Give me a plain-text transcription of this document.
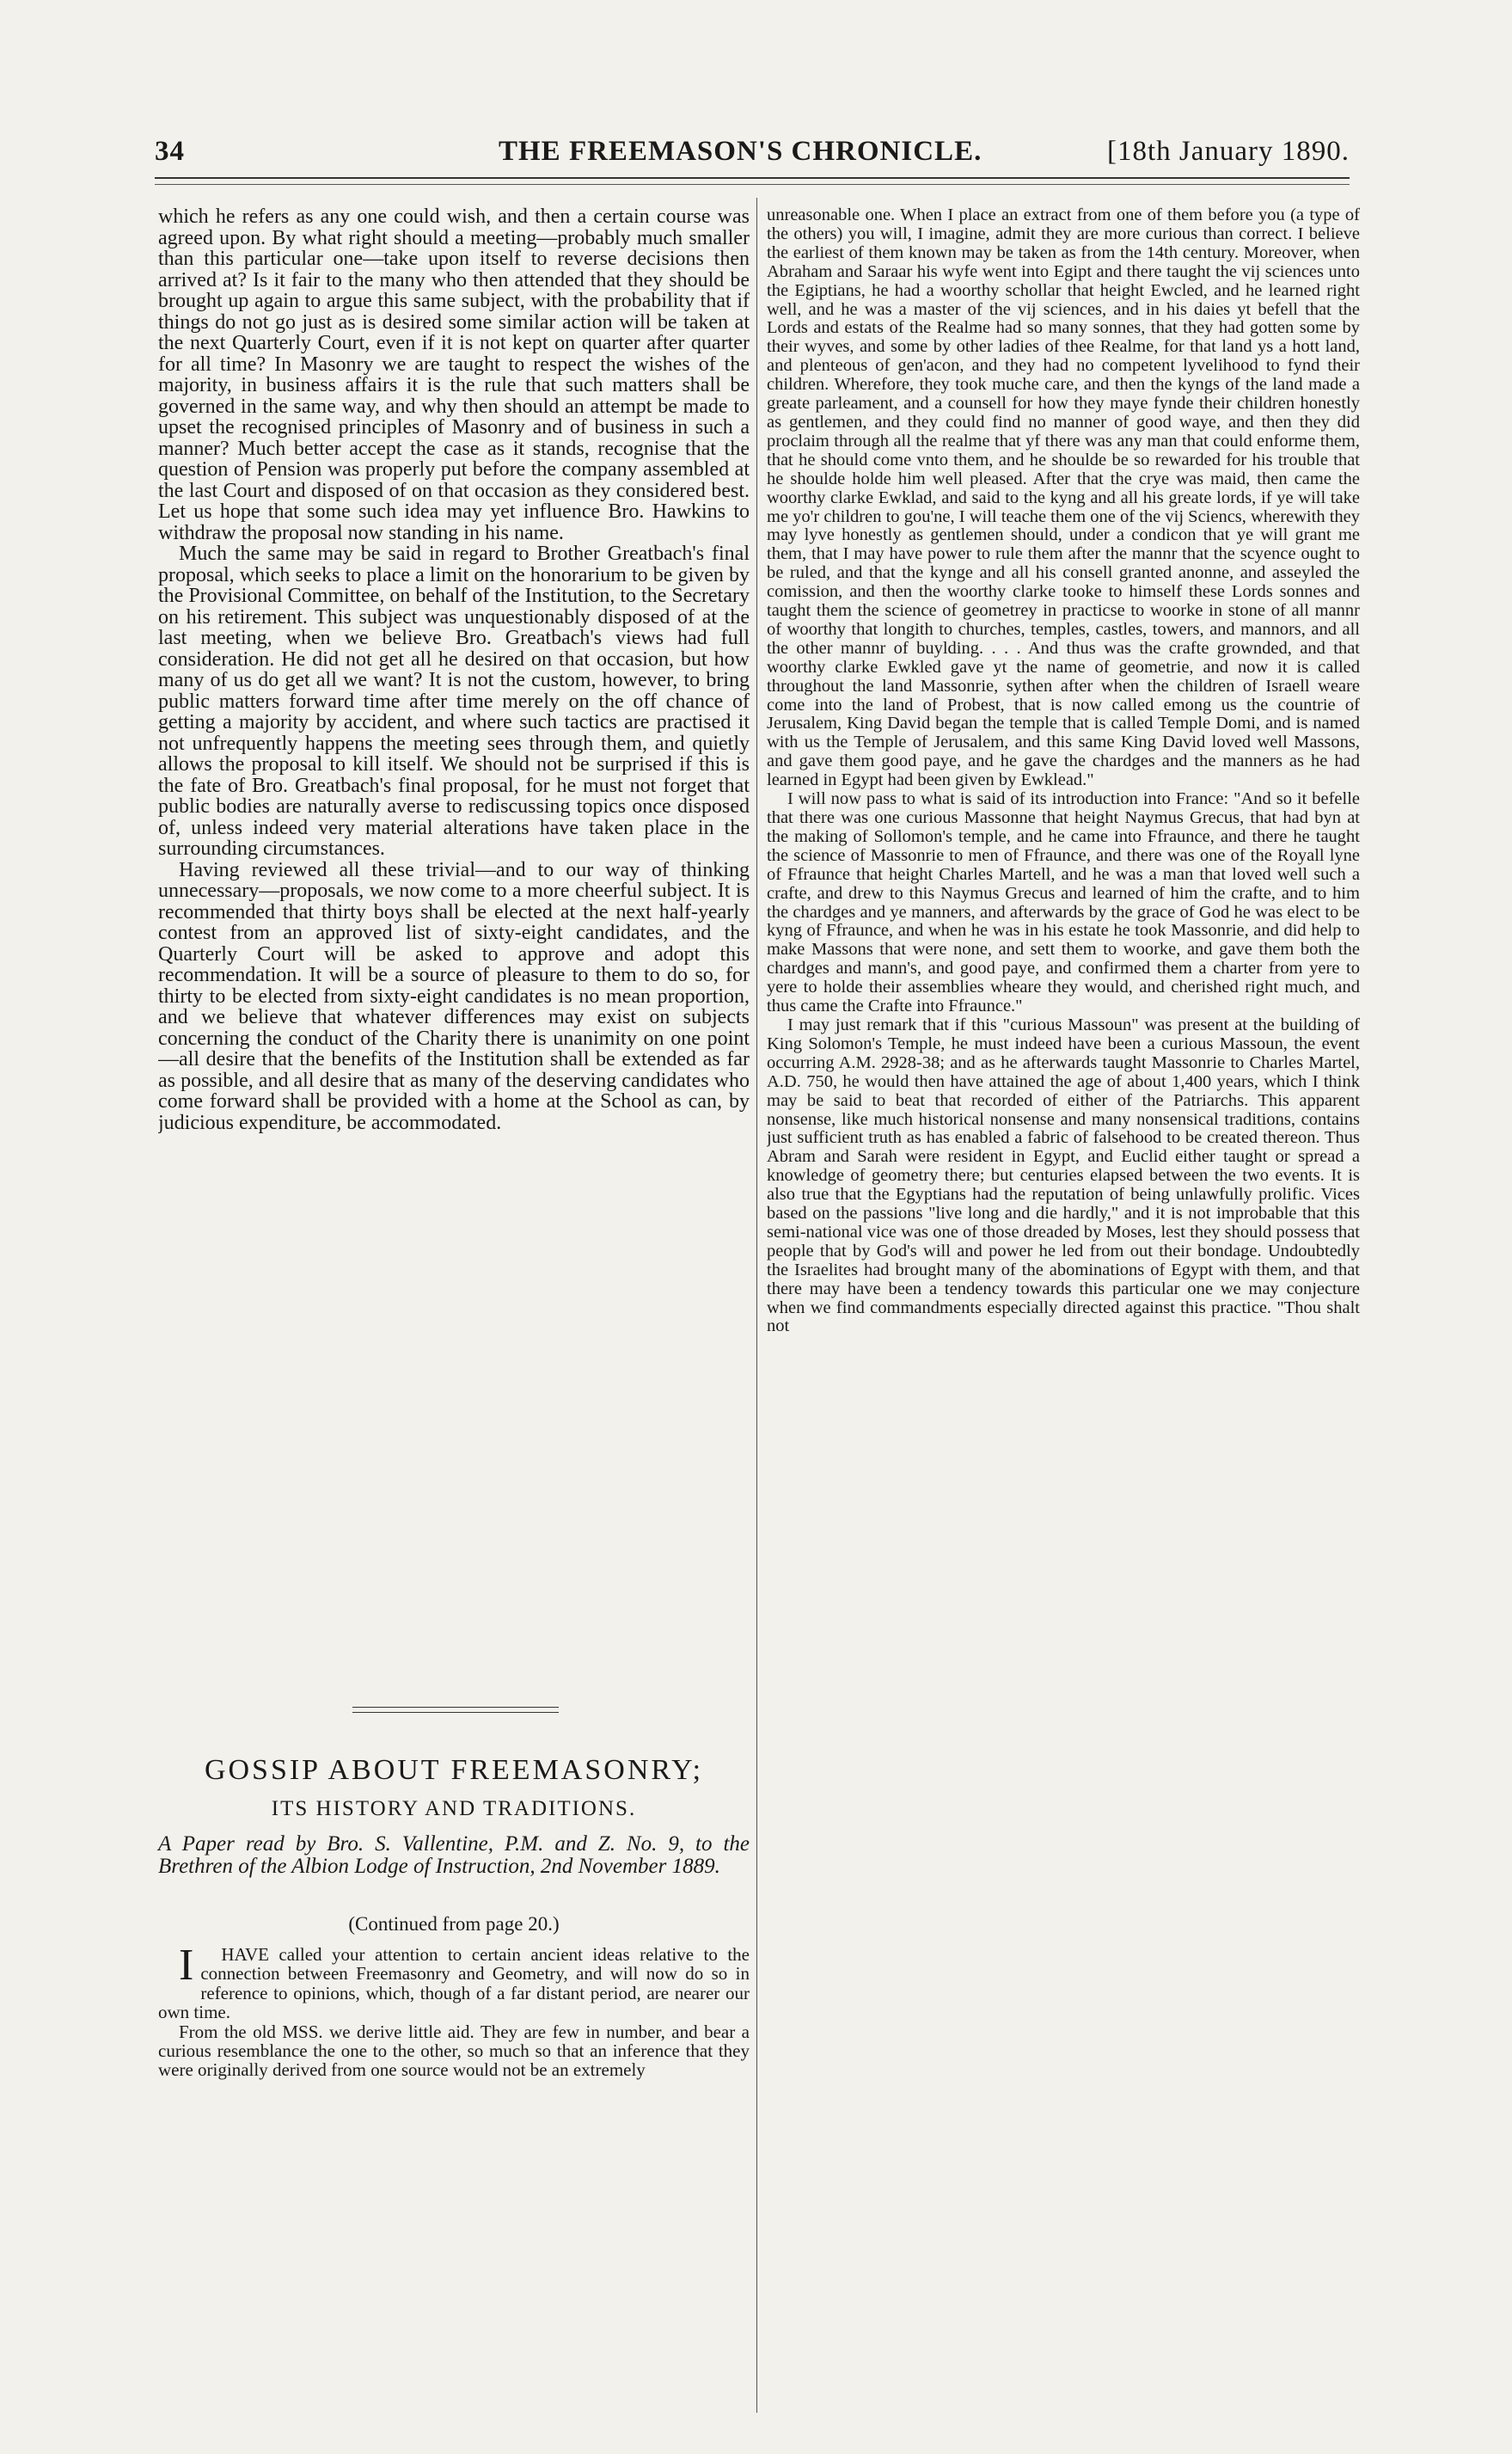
34	THE FREEMASON'S CHRONICLE.	[18th January 1890.

which he refers as any one could wish, and then a certain course was agreed upon. By what right should a meeting—probably much smaller than this particular one—take upon itself to reverse decisions then arrived at? Is it fair to the many who then attended that they should be brought up again to argue this same subject, with the probability that if things do not go just as is desired some similar action will be taken at the next Quarterly Court, even if it is not kept on quarter after quarter for all time? In Masonry we are taught to respect the wishes of the majority, in business affairs it is the rule that such matters shall be governed in the same way, and why then should an attempt be made to upset the recognised principles of Masonry and of business in such a manner? Much better accept the case as it stands, recognise that the question of Pension was properly put before the company assembled at the last Court and disposed of on that occasion as they considered best. Let us hope that some such idea may yet influence Bro. Hawkins to withdraw the proposal now standing in his name.

Much the same may be said in regard to Brother Greatbach's final proposal, which seeks to place a limit on the honorarium to be given by the Provisional Committee, on behalf of the Institution, to the Secretary on his retirement. This subject was unquestionably disposed of at the last meeting, when we believe Bro. Greatbach's views had full consideration. He did not get all he desired on that occasion, but how many of us do get all we want? It is not the custom, however, to bring public matters forward time after time merely on the off chance of getting a majority by accident, and where such tactics are practised it not unfrequently happens the meeting sees through them, and quietly allows the proposal to kill itself. We should not be surprised if this is the fate of Bro. Greatbach's final proposal, for he must not forget that public bodies are naturally averse to rediscussing topics once disposed of, unless indeed very material alterations have taken place in the surrounding circumstances.

Having reviewed all these trivial—and to our way of thinking unnecessary—proposals, we now come to a more cheerful subject. It is recommended that thirty boys shall be elected at the next half-yearly contest from an approved list of sixty-eight candidates, and the Quarterly Court will be asked to approve and adopt this recommendation. It will be a source of pleasure to them to do so, for thirty to be elected from sixty-eight candidates is no mean proportion, and we believe that whatever differences may exist on subjects concerning the conduct of the Charity there is unanimity on one point—all desire that the benefits of the Institution shall be extended as far as possible, and all desire that as many of the deserving candidates who come forward shall be provided with a home at the School as can, by judicious expenditure, be accommodated.

GOSSIP ABOUT FREEMASONRY;
ITS HISTORY AND TRADITIONS.
A Paper read by Bro. S. Vallentine, P.M. and Z. No. 9, to the Brethren of the Albion Lodge of Instruction, 2nd November 1889.
(Continued from page 20.)

I HAVE called your attention to certain ancient ideas relative to the connection between Freemasonry and Geometry, and will now do so in reference to opinions, which, though of a far distant period, are nearer our own time.

From the old MSS. we derive little aid. They are few in number, and bear a curious resemblance the one to the other, so much so that an inference that they were originally derived from one source would not be an extremely

unreasonable one. When I place an extract from one of them before you (a type of the others) you will, I imagine, admit they are more curious than correct. I believe the earliest of them known may be taken as from the 14th century. Moreover, when Abraham and Saraar his wyfe went into Egipt and there taught the vij sciences unto the Egiptians, he had a woorthy schollar that height Ewcled, and he learned right well, and he was a master of the vij sciences, and in his daies yt befell that the Lords and estats of the Realme had so many sonnes, that they had gotten some by their wyves, and some by other ladies of thee Realme, for that land ys a hott land, and plenteous of gen'acon, and they had no competent lyvelihood to fynd their children. Wherefore, they took muche care, and then the kyngs of the land made a greate parleament, and a counsell for how they maye fynde their children honestly as gentlemen, and they could find no manner of good waye, and then they did proclaim through all the realme that yf there was any man that could enforme them, that he should come vnto them, and he shoulde be so rewarded for his trouble that he shoulde holde him well pleased. After that the crye was maid, then came the woorthy clarke Ewklad, and said to the kyng and all his greate lords, if ye will take me yo'r children to gou'ne, I will teache them one of the vij Sciencs, wherewith they may lyve honestly as gentlemen should, under a condicon that ye will grant me them, that I may have power to rule them after the mannr that the scyence ought to be ruled, and that the kynge and all his consell granted anonne, and asseyled the comission, and then the woorthy clarke tooke to himself these Lords sonnes and taught them the science of geometrey in practicse to woorke in stone of all mannr of woorthy that longith to churches, temples, castles, towers, and mannors, and all the other mannr of buylding. . . . And thus was the crafte grownded, and that woorthy clarke Ewkled gave yt the name of geometrie, and now it is called throughout the land Massonrie, sythen after when the children of Israell weare come into the land of Probest, that is now called emong us the countrie of Jerusalem, King David began the temple that is called Temple Domi, and is named with us the Temple of Jerusalem, and this same King David loved well Massons, and gave them good paye, and he gave the chardges and the manners as he had learned in Egypt had been given by Ewklead."

I will now pass to what is said of its introduction into France: "And so it befelle that there was one curious Massonne that height Naymus Grecus, that had byn at the making of Sollomon's temple, and he came into Ffraunce, and there he taught the science of Massonrie to men of Ffraunce, and there was one of the Royall lyne of Ffraunce that height Charles Martell, and he was a man that loved well such a crafte, and drew to this Naymus Grecus and learned of him the crafte, and to him the chardges and ye manners, and afterwards by the grace of God he was elect to be kyng of Ffraunce, and when he was in his estate he took Massonrie, and did help to make Massons that were none, and sett them to woorke, and gave them both the chardges and mann's, and good paye, and confirmed them a charter from yere to yere to holde their assemblies wheare they would, and cherished right much, and thus came the Crafte into Ffraunce."

I may just remark that if this "curious Massoun" was present at the building of King Solomon's Temple, he must indeed have been a curious Massoun, the event occurring A.M. 2928-38; and as he afterwards taught Massonrie to Charles Martel, A.D. 750, he would then have attained the age of about 1,400 years, which I think may be said to beat that recorded of either of the Patriarchs. This apparent nonsense, like much historical nonsense and many nonsensical traditions, contains just sufficient truth as has enabled a fabric of falsehood to be created thereon. Thus Abram and Sarah were resident in Egypt, and Euclid either taught or spread a knowledge of geometry there; but centuries elapsed between the two events. It is also true that the Egyptians had the reputation of being unlawfully prolific. Vices based on the passions "live long and die hardly," and it is not improbable that this semi-national vice was one of those dreaded by Moses, lest they should possess that people that by God's will and power he led from out their bondage. Undoubtedly the Israelites had brought many of the abominations of Egypt with them, and that there may have been a tendency towards this particular one we may conjecture when we find commandments especially directed against this practice. "Thou shalt not
